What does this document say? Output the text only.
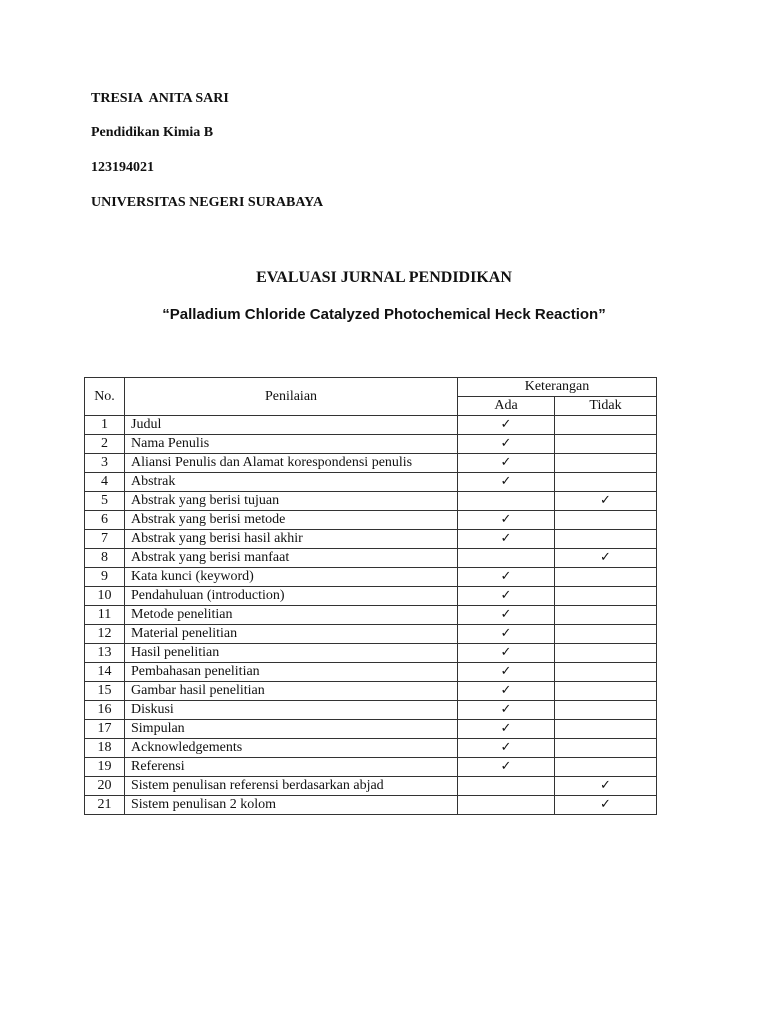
TRESIA  ANITA SARI
Pendidikan Kimia B
123194021
UNIVERSITAS NEGERI SURABAYA
EVALUASI JURNAL PENDIDIKAN
“Palladium Chloride Catalyzed Photochemical Heck Reaction”
No.	Penilaian	Keterangan	
		Ada	Tidak
1	Judul	✓	
2	Nama Penulis	✓	
3	Aliansi Penulis dan Alamat korespondensi penulis	✓	
4	Abstrak	✓	
5	Abstrak yang berisi tujuan		✓
6	Abstrak yang berisi metode	✓	
7	Abstrak yang berisi hasil akhir	✓	
8	Abstrak yang berisi manfaat		✓
9	Kata kunci (keyword)	✓	
10	Pendahuluan (introduction)	✓	
11	Metode penelitian	✓	
12	Material penelitian	✓	
13	Hasil penelitian	✓	
14	Pembahasan penelitian	✓	
15	Gambar hasil penelitian	✓	
16	Diskusi	✓	
17	Simpulan	✓	
18	Acknowledgements	✓	
19	Referensi	✓	
20	Sistem penulisan referensi berdasarkan abjad		✓
21	Sistem penulisan 2 kolom		✓
